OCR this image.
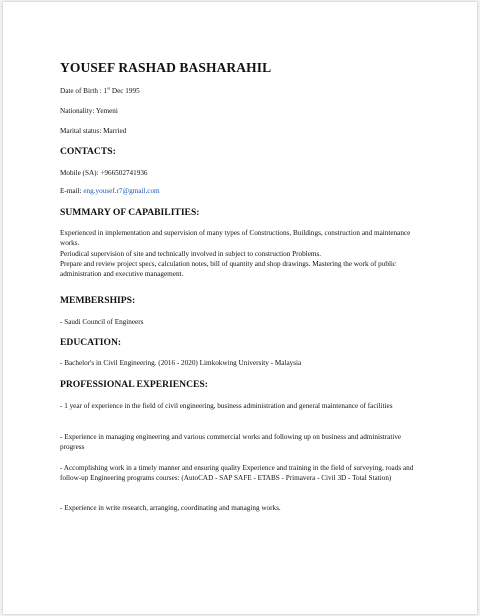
YOUSEF RASHAD BASHARAHIL

Date of Birth : 1st Dec 1995

Nationality: Yemeni

Marital status: Married

CONTACTS:

Mobile (SA): +966502741936

E-mail: eng.yousef.r7@gmail.com

SUMMARY OF CAPABILITIES:

Experienced in implementation and supervision of many types of Constructions, Buildings, construction and maintenance works.
Periodical supervision of site and technically involved in subject to construction Problems.
Prepare and review project specs, calculation notes, bill of quantity and shop drawings. Mastering the work of public administration and executive management.

MEMBERSHIPS:

- Saudi Council of Engineers

EDUCATION:

- Bachelor's in Civil Engineering. (2016 - 2020) Limkokwing University - Malaysia

PROFESSIONAL EXPERIENCES:

- 1 year of experience in the field of civil engineering, business administration and general maintenance of facilities

- Experience in managing engineering and various commercial works and following up on business and administrative progress

- Accomplishing work in a timely manner and ensuring quality Experience and training in the field of surveying, roads and follow-up Engineering programs courses: (AutoCAD - SAP SAFE - ETABS - Primavera - Civil 3D - Total Station)

- Experience in write research, arranging, coordinating and managing works.
